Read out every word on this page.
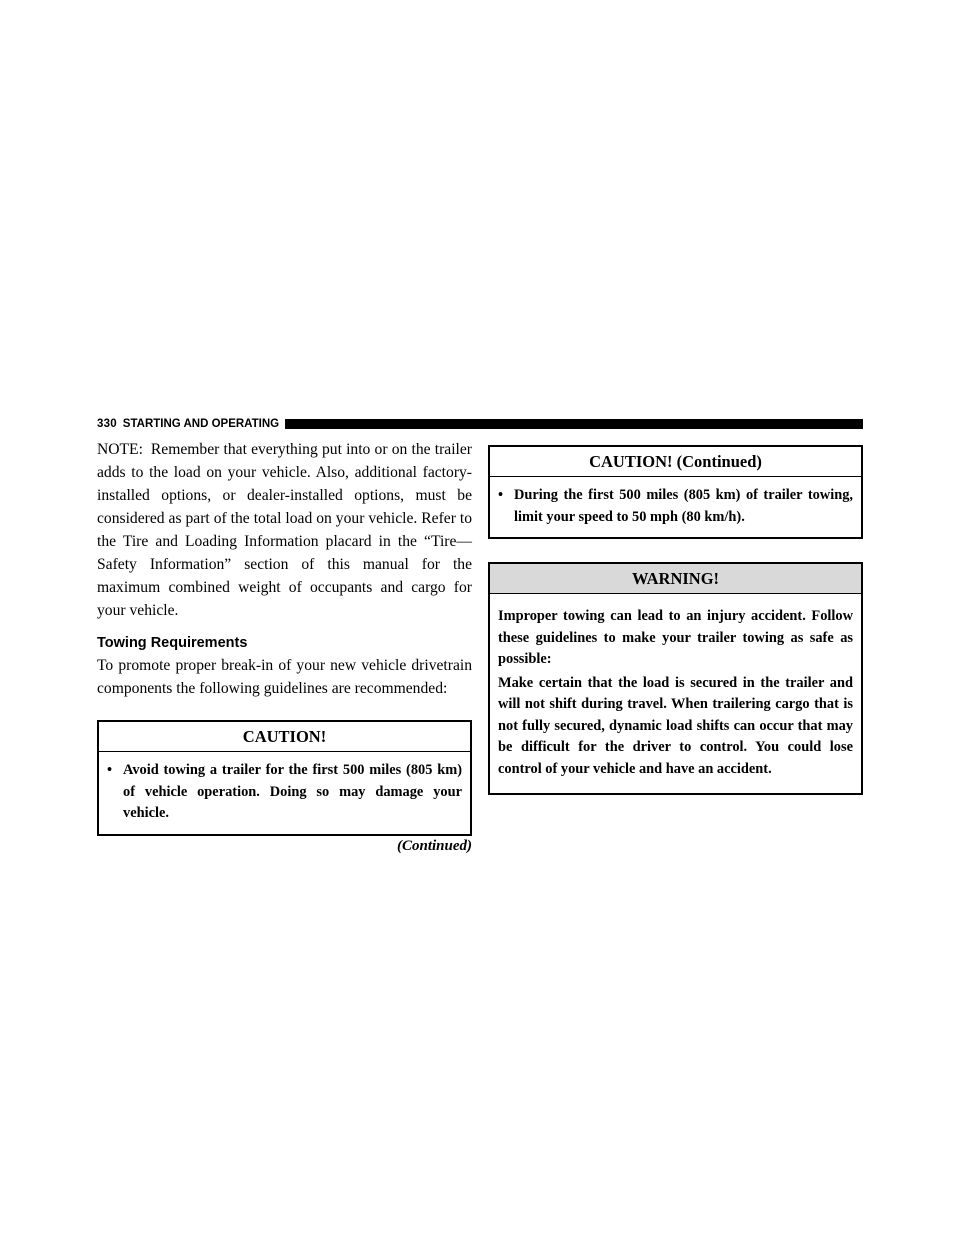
330 STARTING AND OPERATING

NOTE: Remember that everything put into or on the trailer adds to the load on your vehicle. Also, additional factory-installed options, or dealer-installed options, must be considered as part of the total load on your vehicle. Refer to the Tire and Loading Information placard in the “Tire—Safety Information” section of this manual for the maximum combined weight of occupants and cargo for your vehicle.

Towing Requirements

To promote proper break-in of your new vehicle drivetrain components the following guidelines are recommended:

CAUTION!
• Avoid towing a trailer for the first 500 miles (805 km) of vehicle operation. Doing so may damage your vehicle.
(Continued)
CAUTION! (Continued)
• During the first 500 miles (805 km) of trailer towing, limit your speed to 50 mph (80 km/h).
WARNING!

Improper towing can lead to an injury accident. Follow these guidelines to make your trailer towing as safe as possible:

Make certain that the load is secured in the trailer and will not shift during travel. When trailering cargo that is not fully secured, dynamic load shifts can occur that may be difficult for the driver to control. You could lose control of your vehicle and have an accident.
